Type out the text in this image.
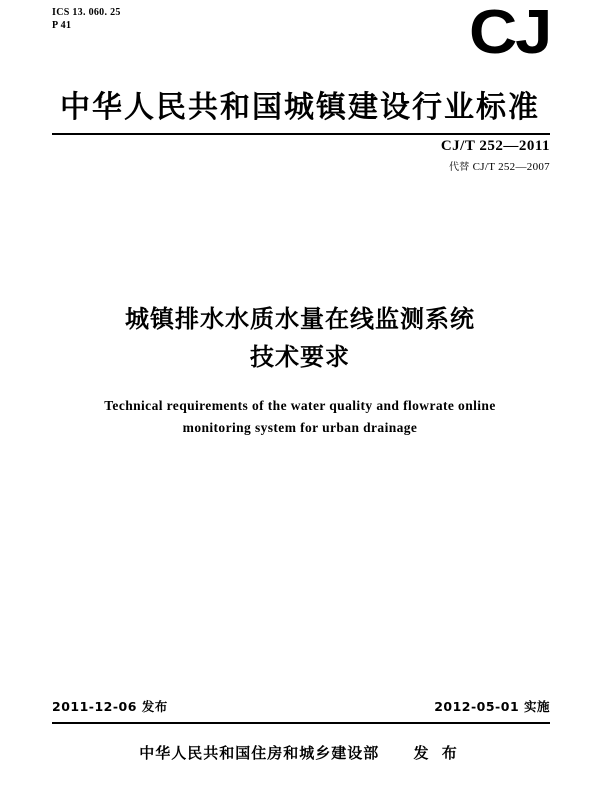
ICS 13. 060. 25
P 41	CJ
中华人民共和国城镇建设行业标准
CJ/T 252—2011
代替 CJ/T 252—2007
城镇排水水质水量在线监测系统
技术要求
Technical requirements of the water quality and flowrate online
monitoring system for urban drainage
2011-12-06 发布	2012-05-01 实施
中华人民共和国住房和城乡建设部 发 布
